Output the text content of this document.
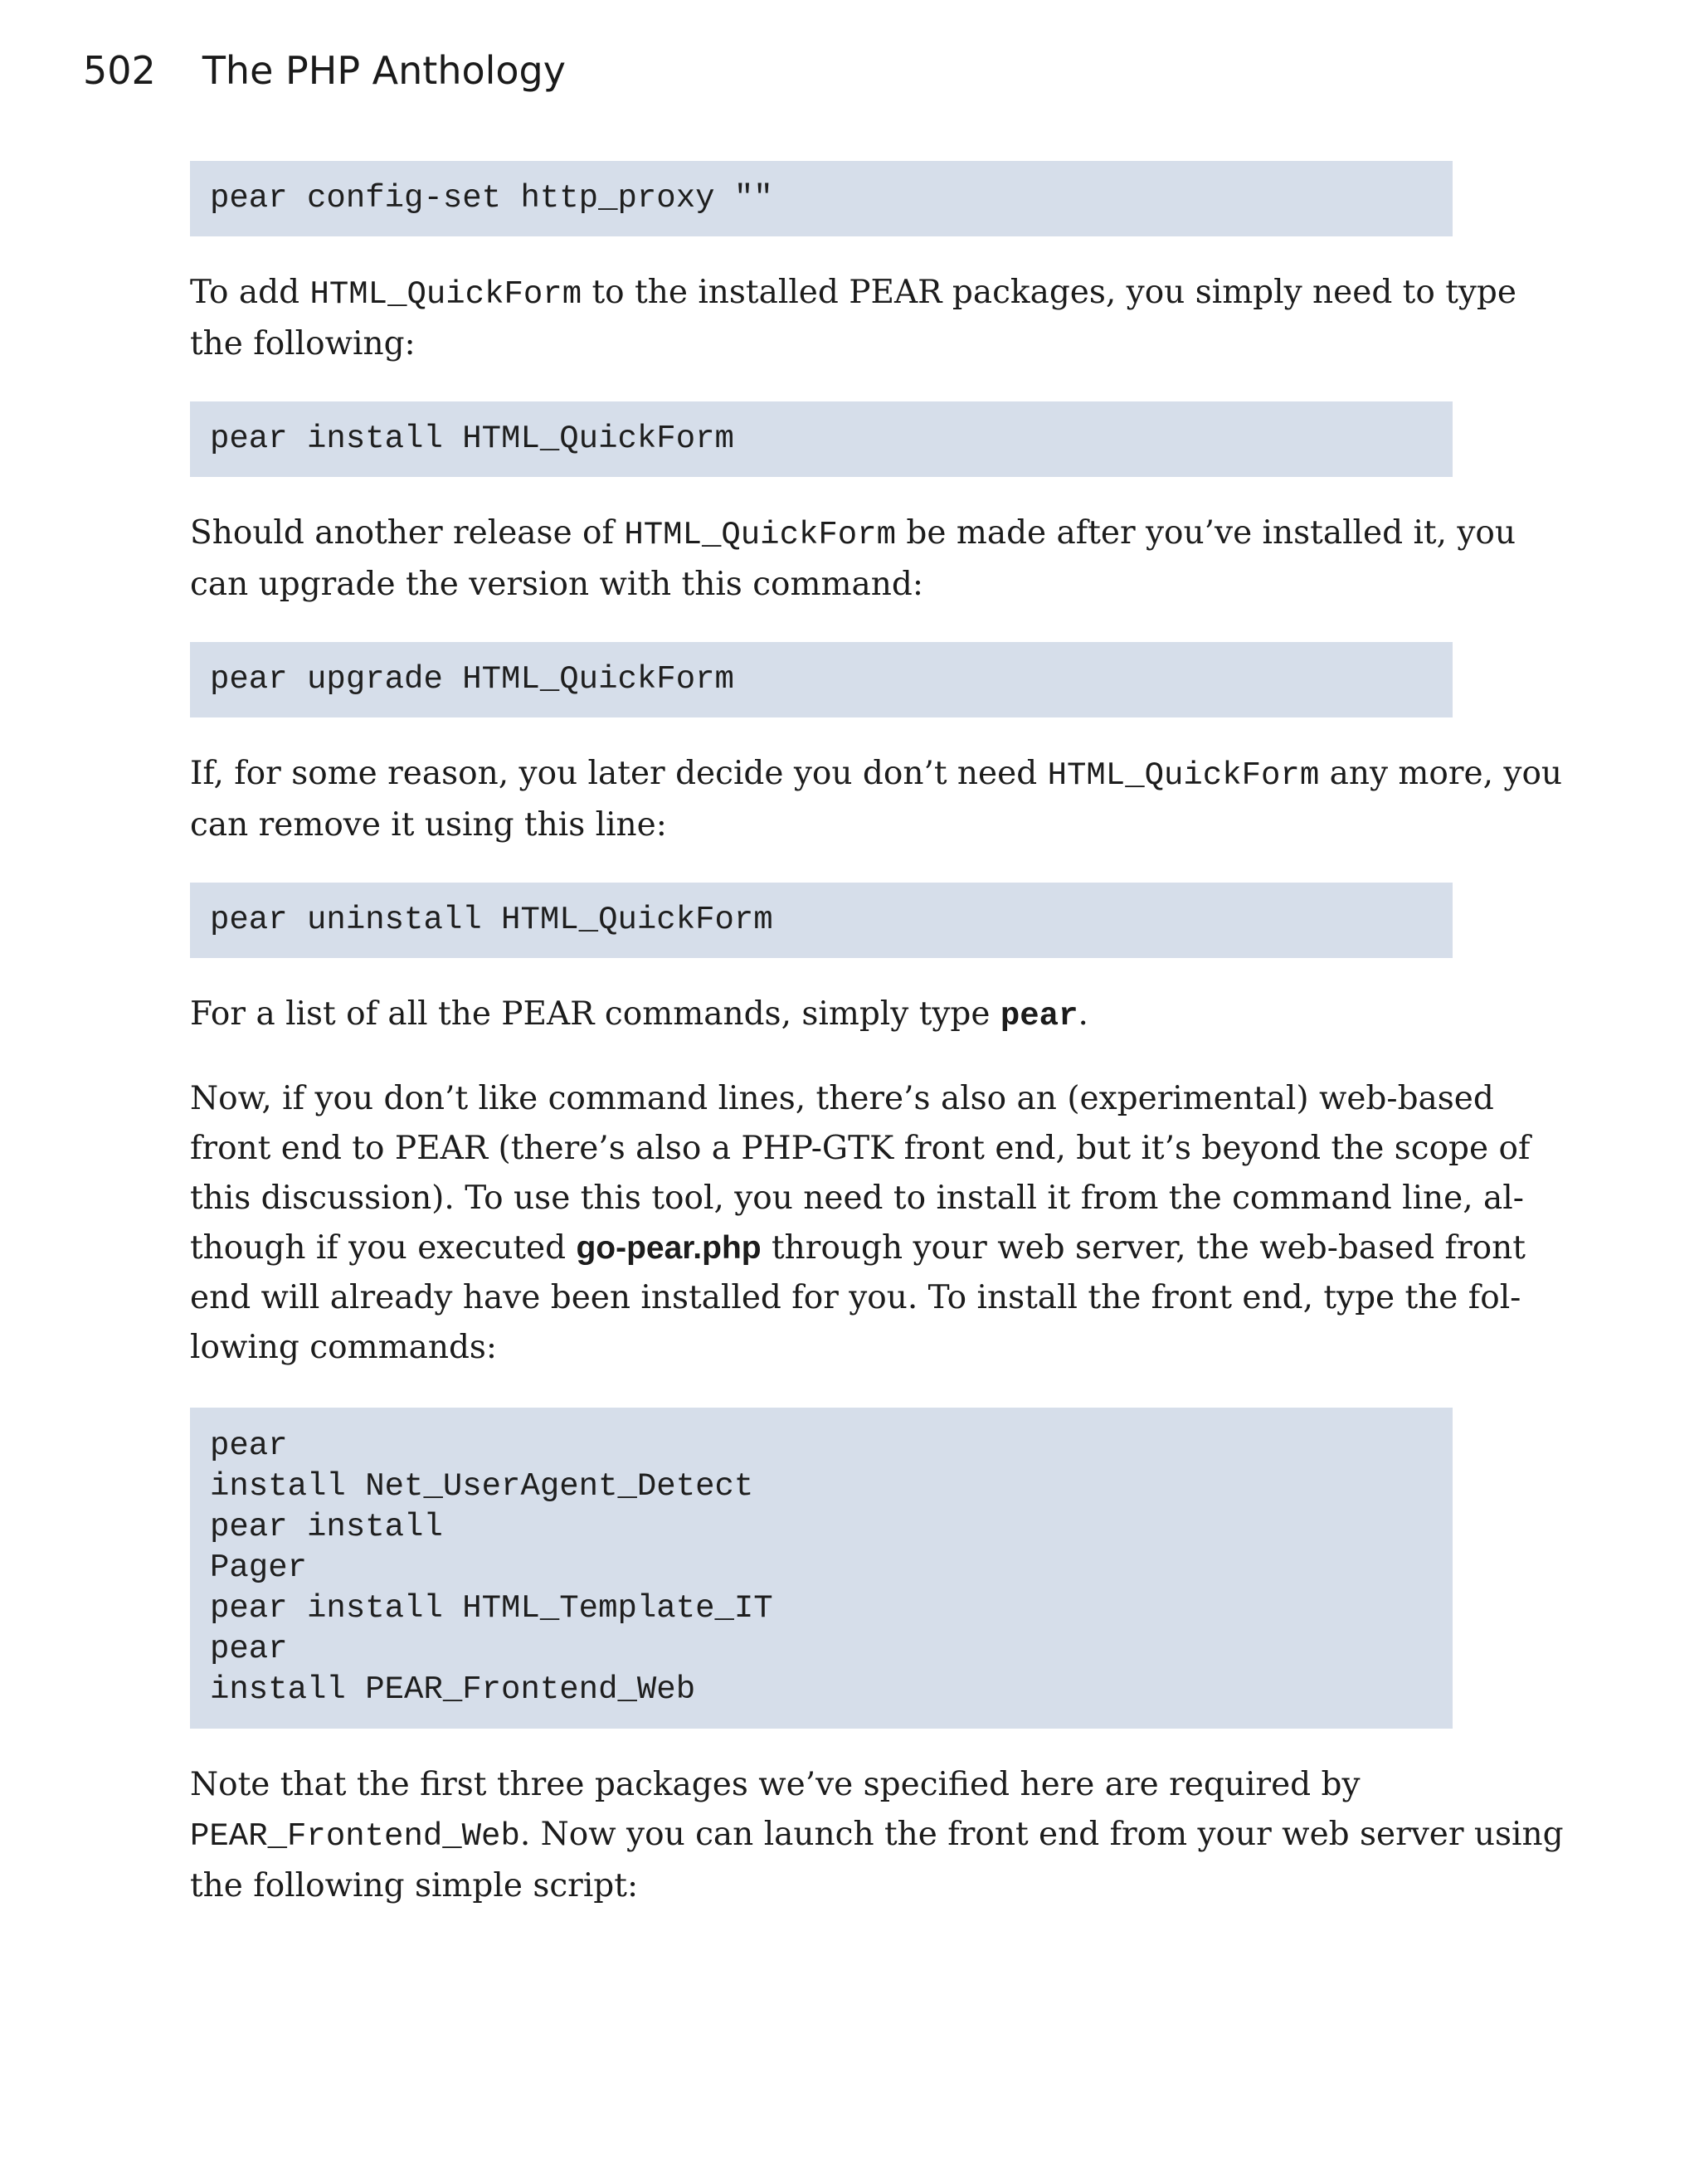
502 The PHP Anthology
pear config-set http_proxy ""
To add HTML_QuickForm to the installed PEAR packages, you simply need to type
the following:
pear install HTML_QuickForm
Should another release of HTML_QuickForm be made after you’ve installed it, you
can upgrade the version with this command:
pear upgrade HTML_QuickForm
If, for some reason, you later decide you don’t need HTML_QuickForm any more, you
can remove it using this line:
pear uninstall HTML_QuickForm
For a list of all the PEAR commands, simply type pear.
Now, if you don’t like command lines, there’s also an (experimental) web-based
front end to PEAR (there’s also a PHP-GTK front end, but it’s beyond the scope of
this discussion). To use this tool, you need to install it from the command line, al-
though if you executed go-pear.php through your web server, the web-based front
end will already have been installed for you. To install the front end, type the fol-
lowing commands:
pear
install Net_UserAgent_Detect
pear install
Pager
pear install HTML_Template_IT
pear
install PEAR_Frontend_Web
Note that the first three packages we’ve specified here are required by
PEAR_Frontend_Web. Now you can launch the front end from your web server using
the following simple script:
